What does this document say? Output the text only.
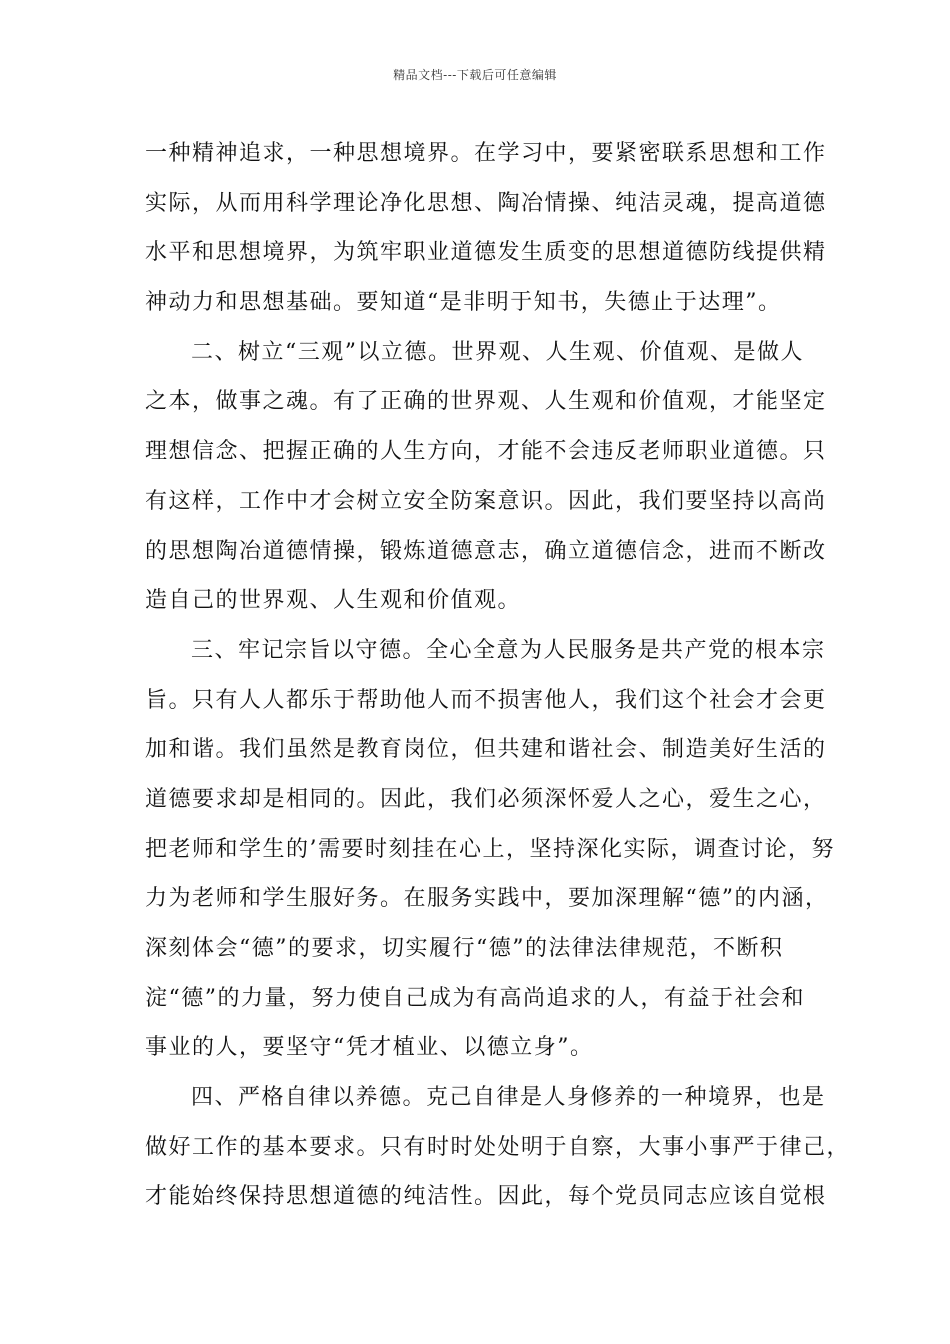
精品文档---下载后可任意编辑
一种精神追求，一种思想境界。在学习中，要紧密联系思想和工作
实际，从而用科学理论净化思想、陶冶情操、纯洁灵魂，提高道德
水平和思想境界，为筑牢职业道德发生质变的思想道德防线提供精
神动力和思想基础。要知道“是非明于知书，失德止于达理”。
二、树立“三观”以立德。世界观、人生观、价值观、是做人
之本，做事之魂。有了正确的世界观、人生观和价值观，才能坚定
理想信念、把握正确的人生方向，才能不会违反老师职业道德。只
有这样，工作中才会树立安全防案意识。因此，我们要坚持以高尚
的思想陶冶道德情操，锻炼道德意志，确立道德信念，进而不断改
造自己的世界观、人生观和价值观。
三、牢记宗旨以守德。全心全意为人民服务是共产党的根本宗
旨。只有人人都乐于帮助他人而不损害他人，我们这个社会才会更
加和谐。我们虽然是教育岗位，但共建和谐社会、制造美好生活的
道德要求却是相同的。因此，我们必须深怀爱人之心，爱生之心，
把老师和学生的’需要时刻挂在心上，坚持深化实际，调查讨论，努
力为老师和学生服好务。在服务实践中，要加深理解“德”的内涵，
深刻体会“德”的要求，切实履行“德”的法律法律规范，不断积
淀“德”的力量，努力使自己成为有高尚追求的人，有益于社会和
事业的人，要坚守“凭才植业、以德立身”。
四、严格自律以养德。克己自律是人身修养的一种境界，也是
做好工作的基本要求。只有时时处处明于自察，大事小事严于律己，
才能始终保持思想道德的纯洁性。因此，每个党员同志应该自觉根
